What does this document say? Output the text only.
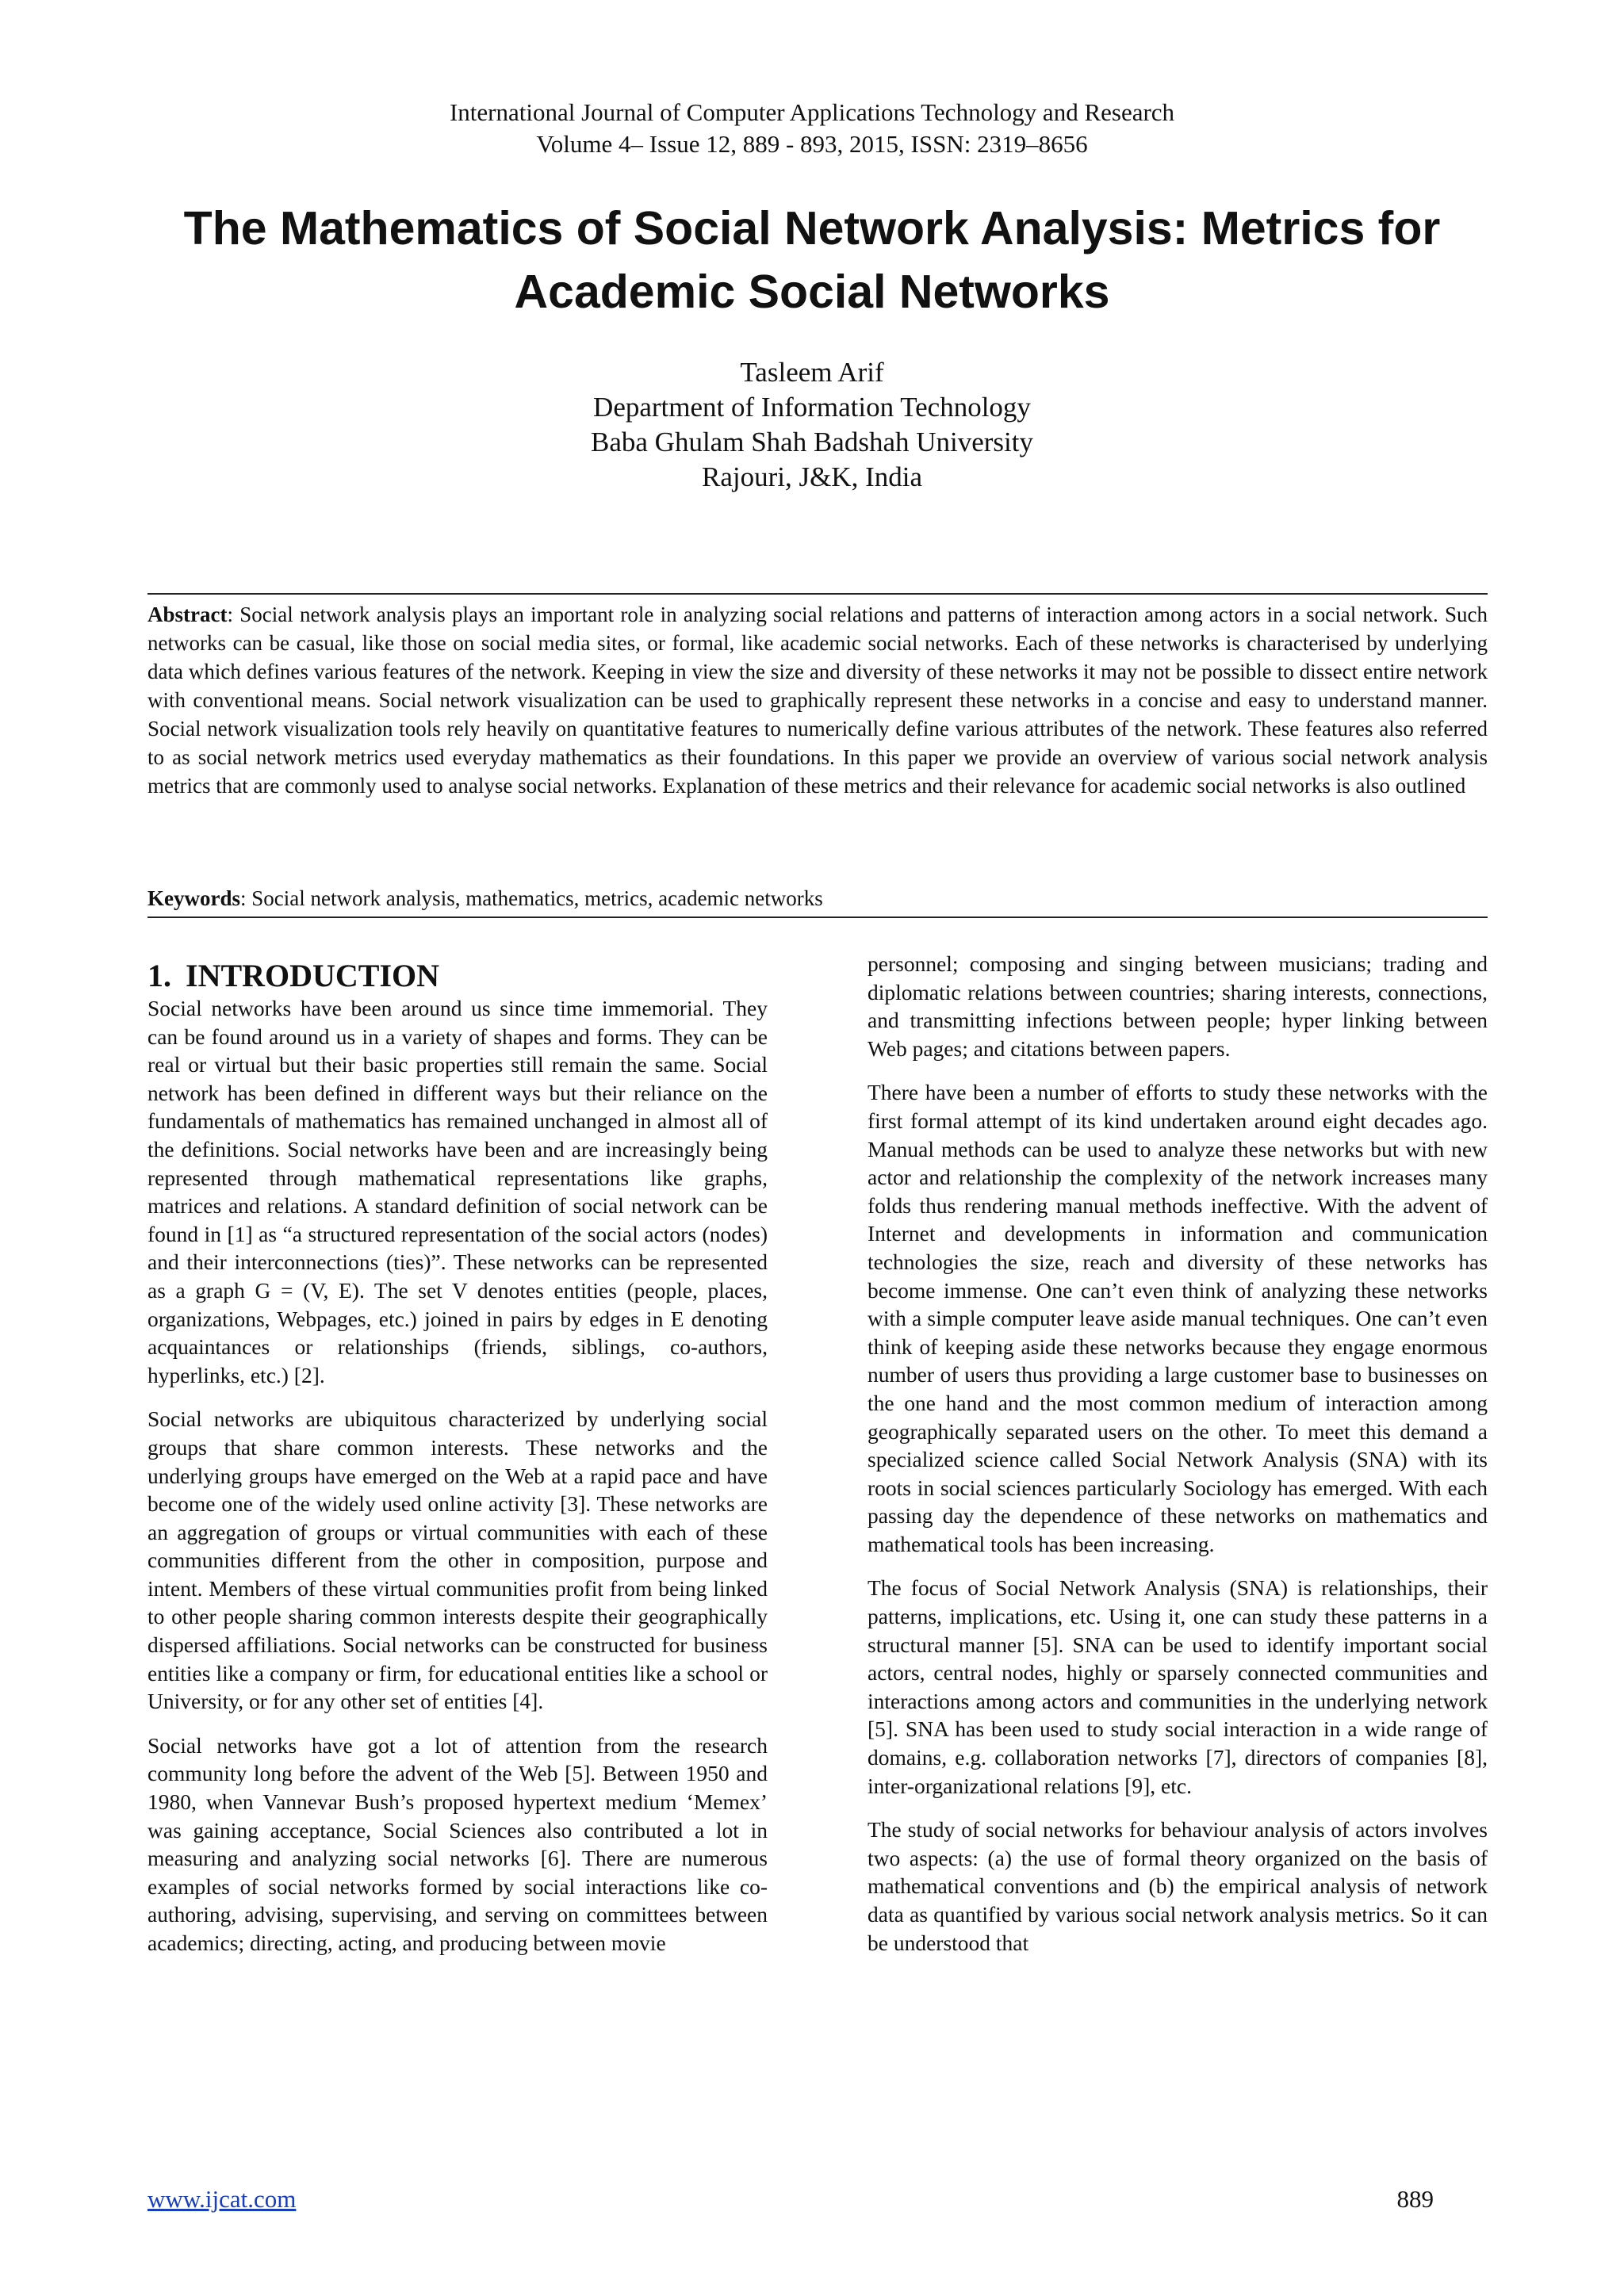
International Journal of Computer Applications Technology and Research
Volume 4– Issue 12, 889 - 893, 2015, ISSN: 2319–8656
The Mathematics of Social Network Analysis: Metrics for
Academic Social Networks
Tasleem Arif
Department of Information Technology
Baba Ghulam Shah Badshah University
Rajouri, J&K, India

Abstract: Social network analysis plays an important role in analyzing social relations and patterns of interaction among actors in a social network. Such networks can be casual, like those on social media sites, or formal, like academic social networks. Each of these networks is characterised by underlying data which defines various features of the network. Keeping in view the size and diversity of these networks it may not be possible to dissect entire network with conventional means. Social network visualization can be used to graphically represent these networks in a concise and easy to understand manner. Social network visualization tools rely heavily on quantitative features to numerically define various attributes of the network. These features also referred to as social network metrics used everyday mathematics as their foundations. In this paper we provide an overview of various social network analysis metrics that are commonly used to analyse social networks. Explanation of these metrics and their relevance for academic social networks is also outlined

Keywords: Social network analysis, mathematics, metrics, academic networks

1. INTRODUCTION

Social networks have been around us since time immemorial. They can be found around us in a variety of shapes and forms. They can be real or virtual but their basic properties still remain the same. Social network has been defined in different ways but their reliance on the fundamentals of mathematics has remained unchanged in almost all of the definitions. Social networks have been and are increasingly being represented through mathematical representations like graphs, matrices and relations. A standard definition of social network can be found in [1] as “a structured representation of the social actors (nodes) and their interconnections (ties)”. These networks can be represented as a graph G = (V, E). The set V denotes entities (people, places, organizations, Webpages, etc.) joined in pairs by edges in E denoting acquaintances or relationships (friends, siblings, co-authors, hyperlinks, etc.) [2].

Social networks are ubiquitous characterized by underlying social groups that share common interests. These networks and the underlying groups have emerged on the Web at a rapid pace and have become one of the widely used online activity [3]. These networks are an aggregation of groups or virtual communities with each of these communities different from the other in composition, purpose and intent. Members of these virtual communities profit from being linked to other people sharing common interests despite their geographically dispersed affiliations. Social networks can be constructed for business entities like a company or firm, for educational entities like a school or University, or for any other set of entities [4].

Social networks have got a lot of attention from the research community long before the advent of the Web [5]. Between 1950 and 1980, when Vannevar Bush’s proposed hypertext medium ‘Memex’ was gaining acceptance, Social Sciences also contributed a lot in measuring and analyzing social networks [6]. There are numerous examples of social networks formed by social interactions like co-authoring, advising, supervising, and serving on committees between academics; directing, acting, and producing between movie

personnel; composing and singing between musicians; trading and diplomatic relations between countries; sharing interests, connections, and transmitting infections between people; hyper linking between Web pages; and citations between papers.

There have been a number of efforts to study these networks with the first formal attempt of its kind undertaken around eight decades ago. Manual methods can be used to analyze these networks but with new actor and relationship the complexity of the network increases many folds thus rendering manual methods ineffective. With the advent of Internet and developments in information and communication technologies the size, reach and diversity of these networks has become immense. One can’t even think of analyzing these networks with a simple computer leave aside manual techniques. One can’t even think of keeping aside these networks because they engage enormous number of users thus providing a large customer base to businesses on the one hand and the most common medium of interaction among geographically separated users on the other. To meet this demand a specialized science called Social Network Analysis (SNA) with its roots in social sciences particularly Sociology has emerged. With each passing day the dependence of these networks on mathematics and mathematical tools has been increasing.

The focus of Social Network Analysis (SNA) is relationships, their patterns, implications, etc. Using it, one can study these patterns in a structural manner [5]. SNA can be used to identify important social actors, central nodes, highly or sparsely connected communities and interactions among actors and communities in the underlying network [5]. SNA has been used to study social interaction in a wide range of domains, e.g. collaboration networks [7], directors of companies [8], inter-organizational relations [9], etc.

The study of social networks for behaviour analysis of actors involves two aspects: (a) the use of formal theory organized on the basis of mathematical conventions and (b) the empirical analysis of network data as quantified by various social network analysis metrics. So it can be understood that

www.ijcat.com	889
